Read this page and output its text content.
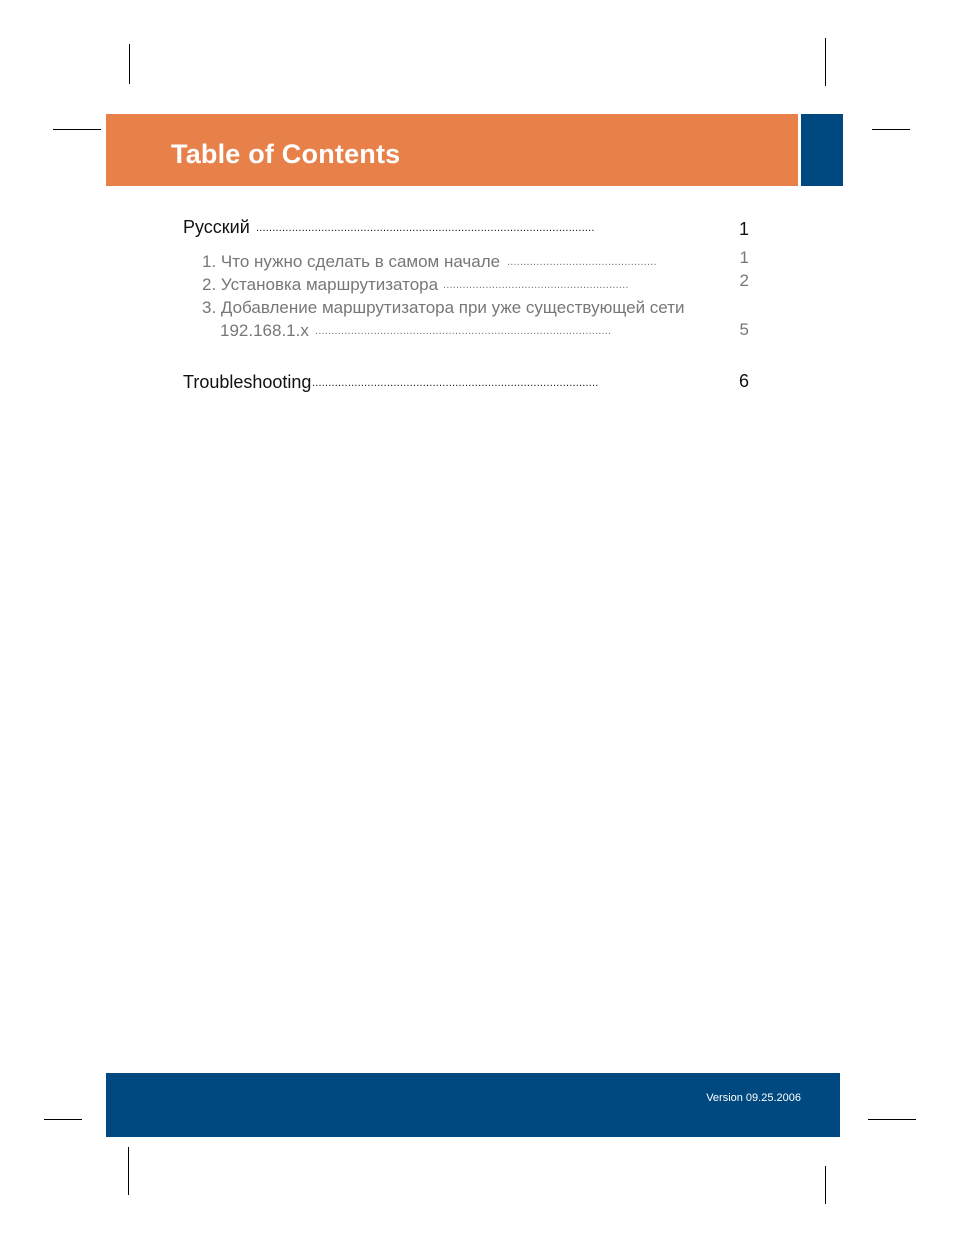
Table of Contents
Русский ........................................................................................................	1
1. Что нужно сделать в самом начале ..............................................	1
2. Установка маршрутизатора .........................................................	2
3. Добавление маршрутизатора при уже существующей сети
192.168.1.x ...........................................................................................	5
Troubleshooting ........................................................................................	6
Version 09.25.2006
